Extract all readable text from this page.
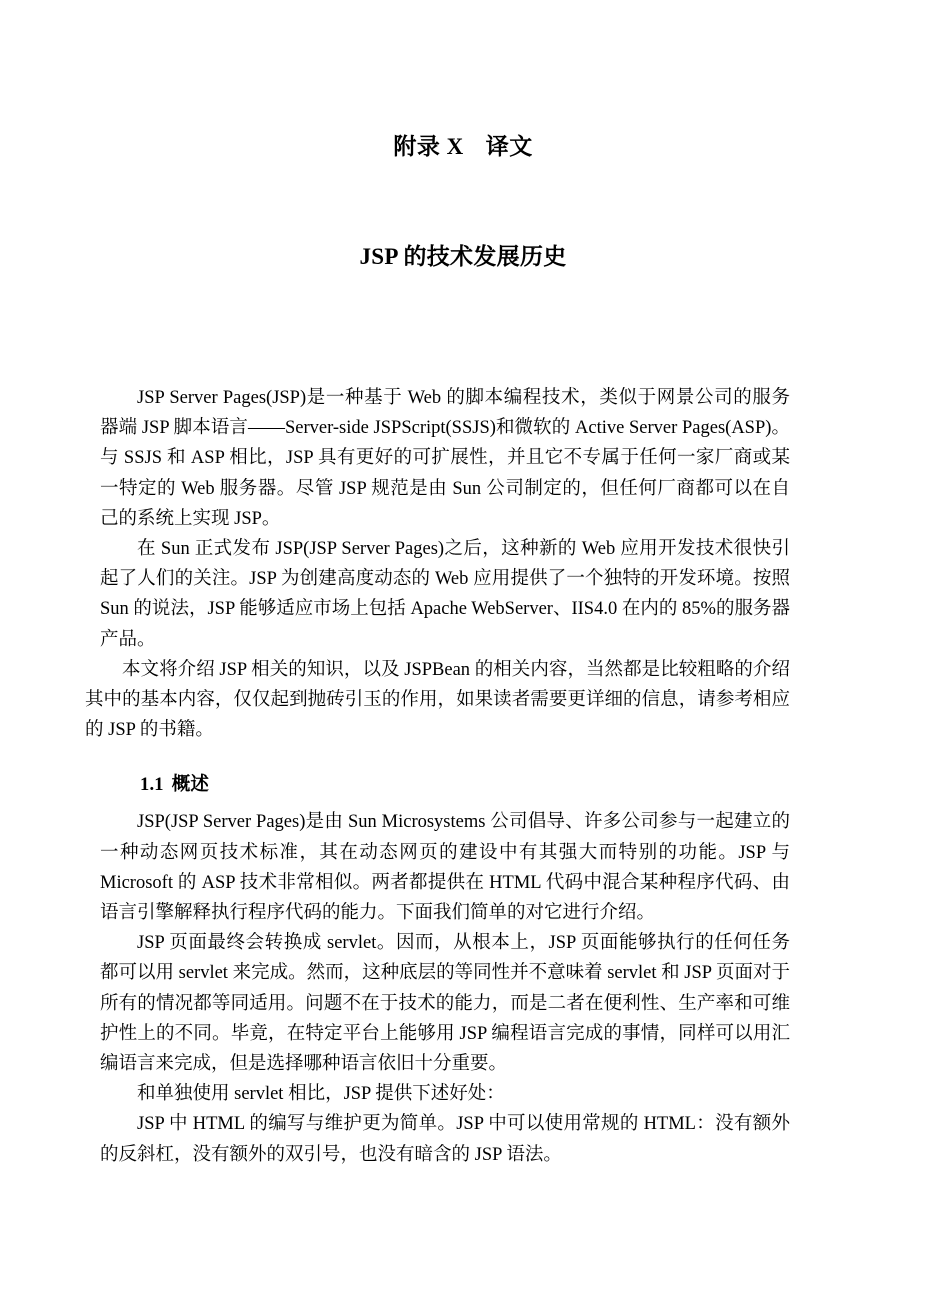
附录 X 译文
JSP 的技术发展历史

JSP Server Pages(JSP)是一种基于 Web 的脚本编程技术，类似于网景公司的服务器端 JSP 脚本语言——Server-side JSPScript(SSJS)和微软的 Active Server Pages(ASP)。与 SSJS 和 ASP 相比，JSP 具有更好的可扩展性，并且它不专属于任何一家厂商或某一特定的 Web 服务器。尽管 JSP 规范是由 Sun 公司制定的，但任何厂商都可以在自己的系统上实现 JSP。

在 Sun 正式发布 JSP(JSP Server Pages)之后，这种新的 Web 应用开发技术很快引起了人们的关注。JSP 为创建高度动态的 Web 应用提供了一个独特的开发环境。按照 Sun 的说法，JSP 能够适应市场上包括 Apache WebServer、IIS4.0 在内的 85%的服务器产品。

本文将介绍 JSP 相关的知识，以及 JSPBean 的相关内容，当然都是比较粗略的介绍其中的基本内容，仅仅起到抛砖引玉的作用，如果读者需要更详细的信息，请参考相应的 JSP 的书籍。

1.1 概述

JSP(JSP Server Pages)是由 Sun Microsystems 公司倡导、许多公司参与一起建立的一种动态网页技术标准，其在动态网页的建设中有其强大而特别的功能。JSP 与 Microsoft 的 ASP 技术非常相似。两者都提供在 HTML 代码中混合某种程序代码、由语言引擎解释执行程序代码的能力。下面我们简单的对它进行介绍。

JSP 页面最终会转换成 servlet。因而，从根本上，JSP 页面能够执行的任何任务都可以用 servlet 来完成。然而，这种底层的等同性并不意味着 servlet 和 JSP 页面对于所有的情况都等同适用。问题不在于技术的能力，而是二者在便利性、生产率和可维护性上的不同。毕竟，在特定平台上能够用 JSP 编程语言完成的事情，同样可以用汇编语言来完成，但是选择哪种语言依旧十分重要。

和单独使用 servlet 相比，JSP 提供下述好处：

JSP 中 HTML 的编写与维护更为简单。JSP 中可以使用常规的 HTML：没有额外的反斜杠，没有额外的双引号，也没有暗含的 JSP 语法。
